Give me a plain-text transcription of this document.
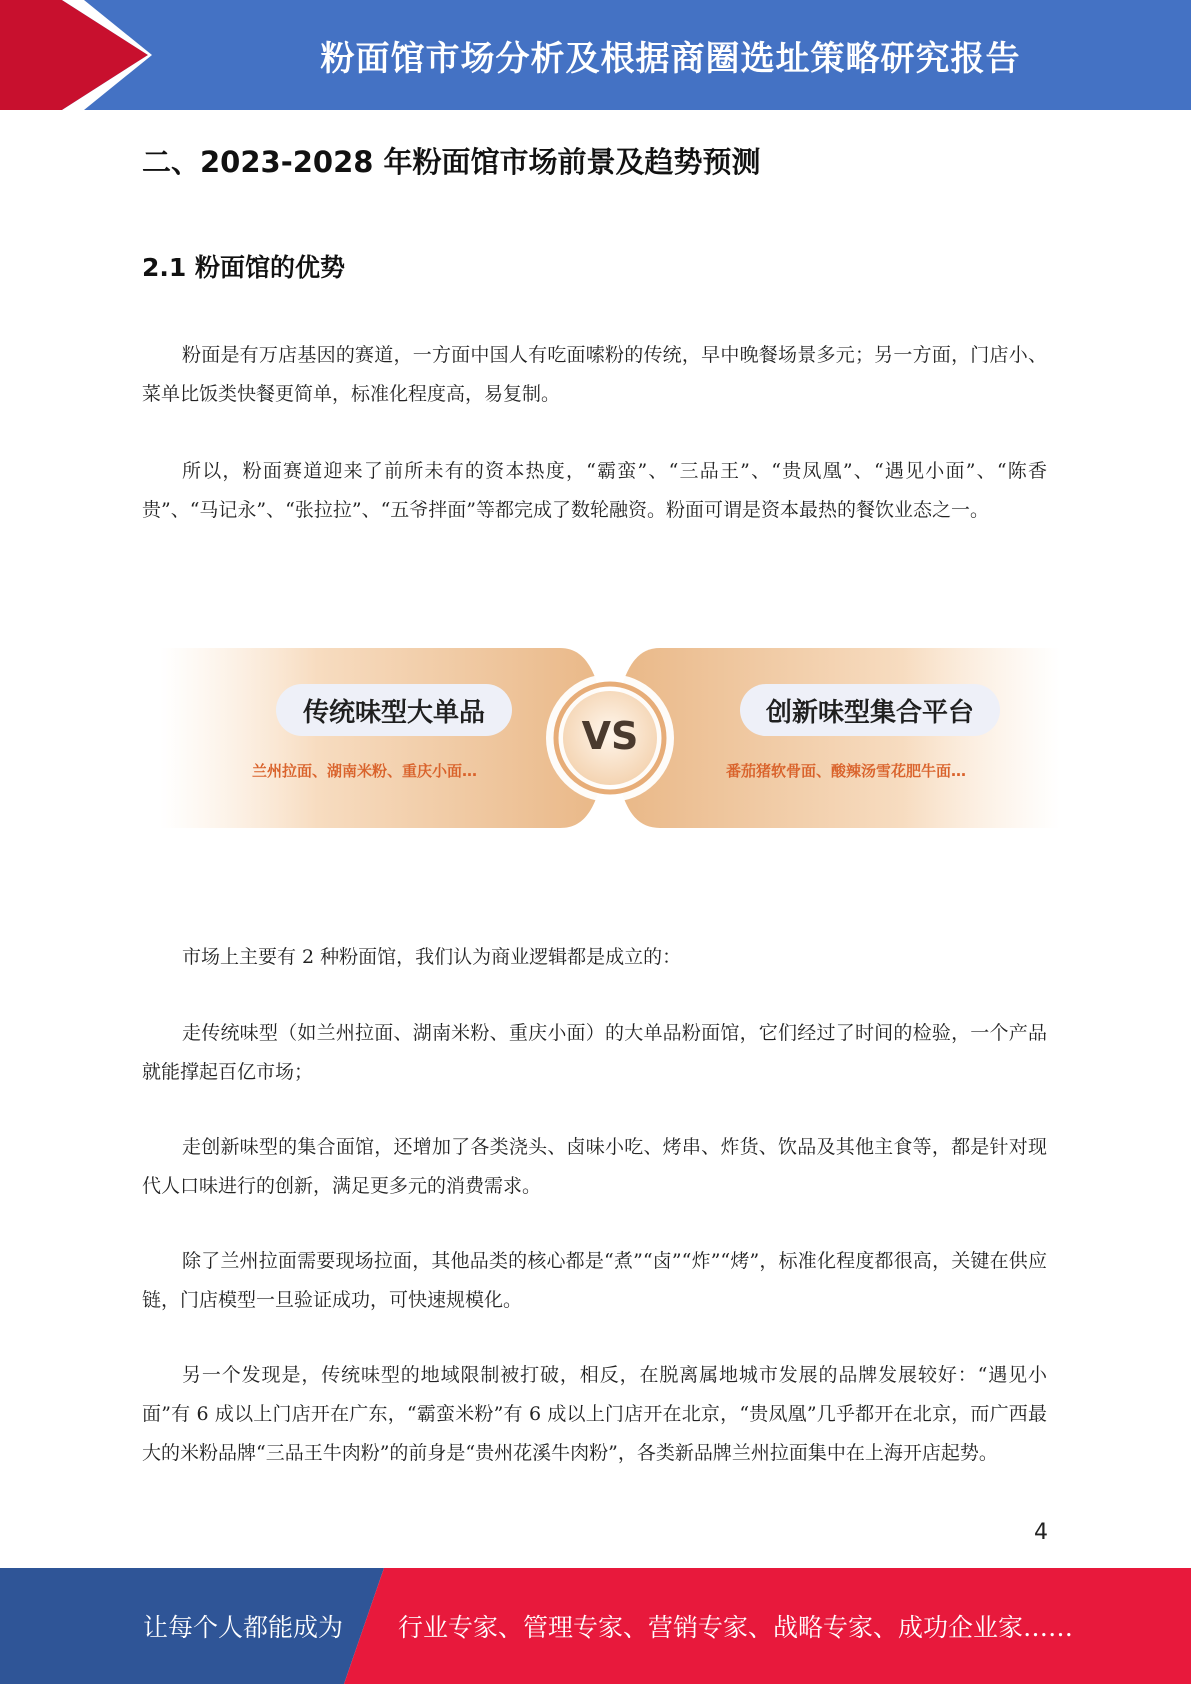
粉面馆市场分析及根据商圈选址策略研究报告
二、2023-2028 年粉面馆市场前景及趋势预测
2.1 粉面馆的优势

粉面是有万店基因的赛道，一方面中国人有吃面嗦粉的传统，早中晚餐场景多元；另一方面，门店小、菜单比饭类快餐更简单，标准化程度高，易复制。

所以，粉面赛道迎来了前所未有的资本热度，“霸蛮”、“三品王”、“贵凤凰”、“遇见小面”、“陈香贵”、“马记永”、“张拉拉”、“五爷拌面”等都完成了数轮融资。粉面可谓是资本最热的餐饮业态之一。

传统味型大单品
兰州拉面、湖南米粉、重庆小面…
VS
创新味型集合平台
番茄猪软骨面、酸辣汤雪花肥牛面…

市场上主要有 2 种粉面馆，我们认为商业逻辑都是成立的：

走传统味型（如兰州拉面、湖南米粉、重庆小面）的大单品粉面馆，它们经过了时间的检验，一个产品就能撑起百亿市场；

走创新味型的集合面馆，还增加了各类浇头、卤味小吃、烤串、炸货、饮品及其他主食等，都是针对现代人口味进行的创新，满足更多元的消费需求。

除了兰州拉面需要现场拉面，其他品类的核心都是“煮”“卤”“炸”“烤”，标准化程度都很高，关键在供应链，门店模型一旦验证成功，可快速规模化。

另一个发现是，传统味型的地域限制被打破，相反，在脱离属地城市发展的品牌发展较好：“遇见小面”有 6 成以上门店开在广东，“霸蛮米粉”有 6 成以上门店开在北京，“贵凤凰”几乎都开在北京，而广西最大的米粉品牌“三品王牛肉粉”的前身是“贵州花溪牛肉粉”，各类新品牌兰州拉面集中在上海开店起势。

4
让每个人都能成为 行业专家、管理专家、营销专家、战略专家、成功企业家……
